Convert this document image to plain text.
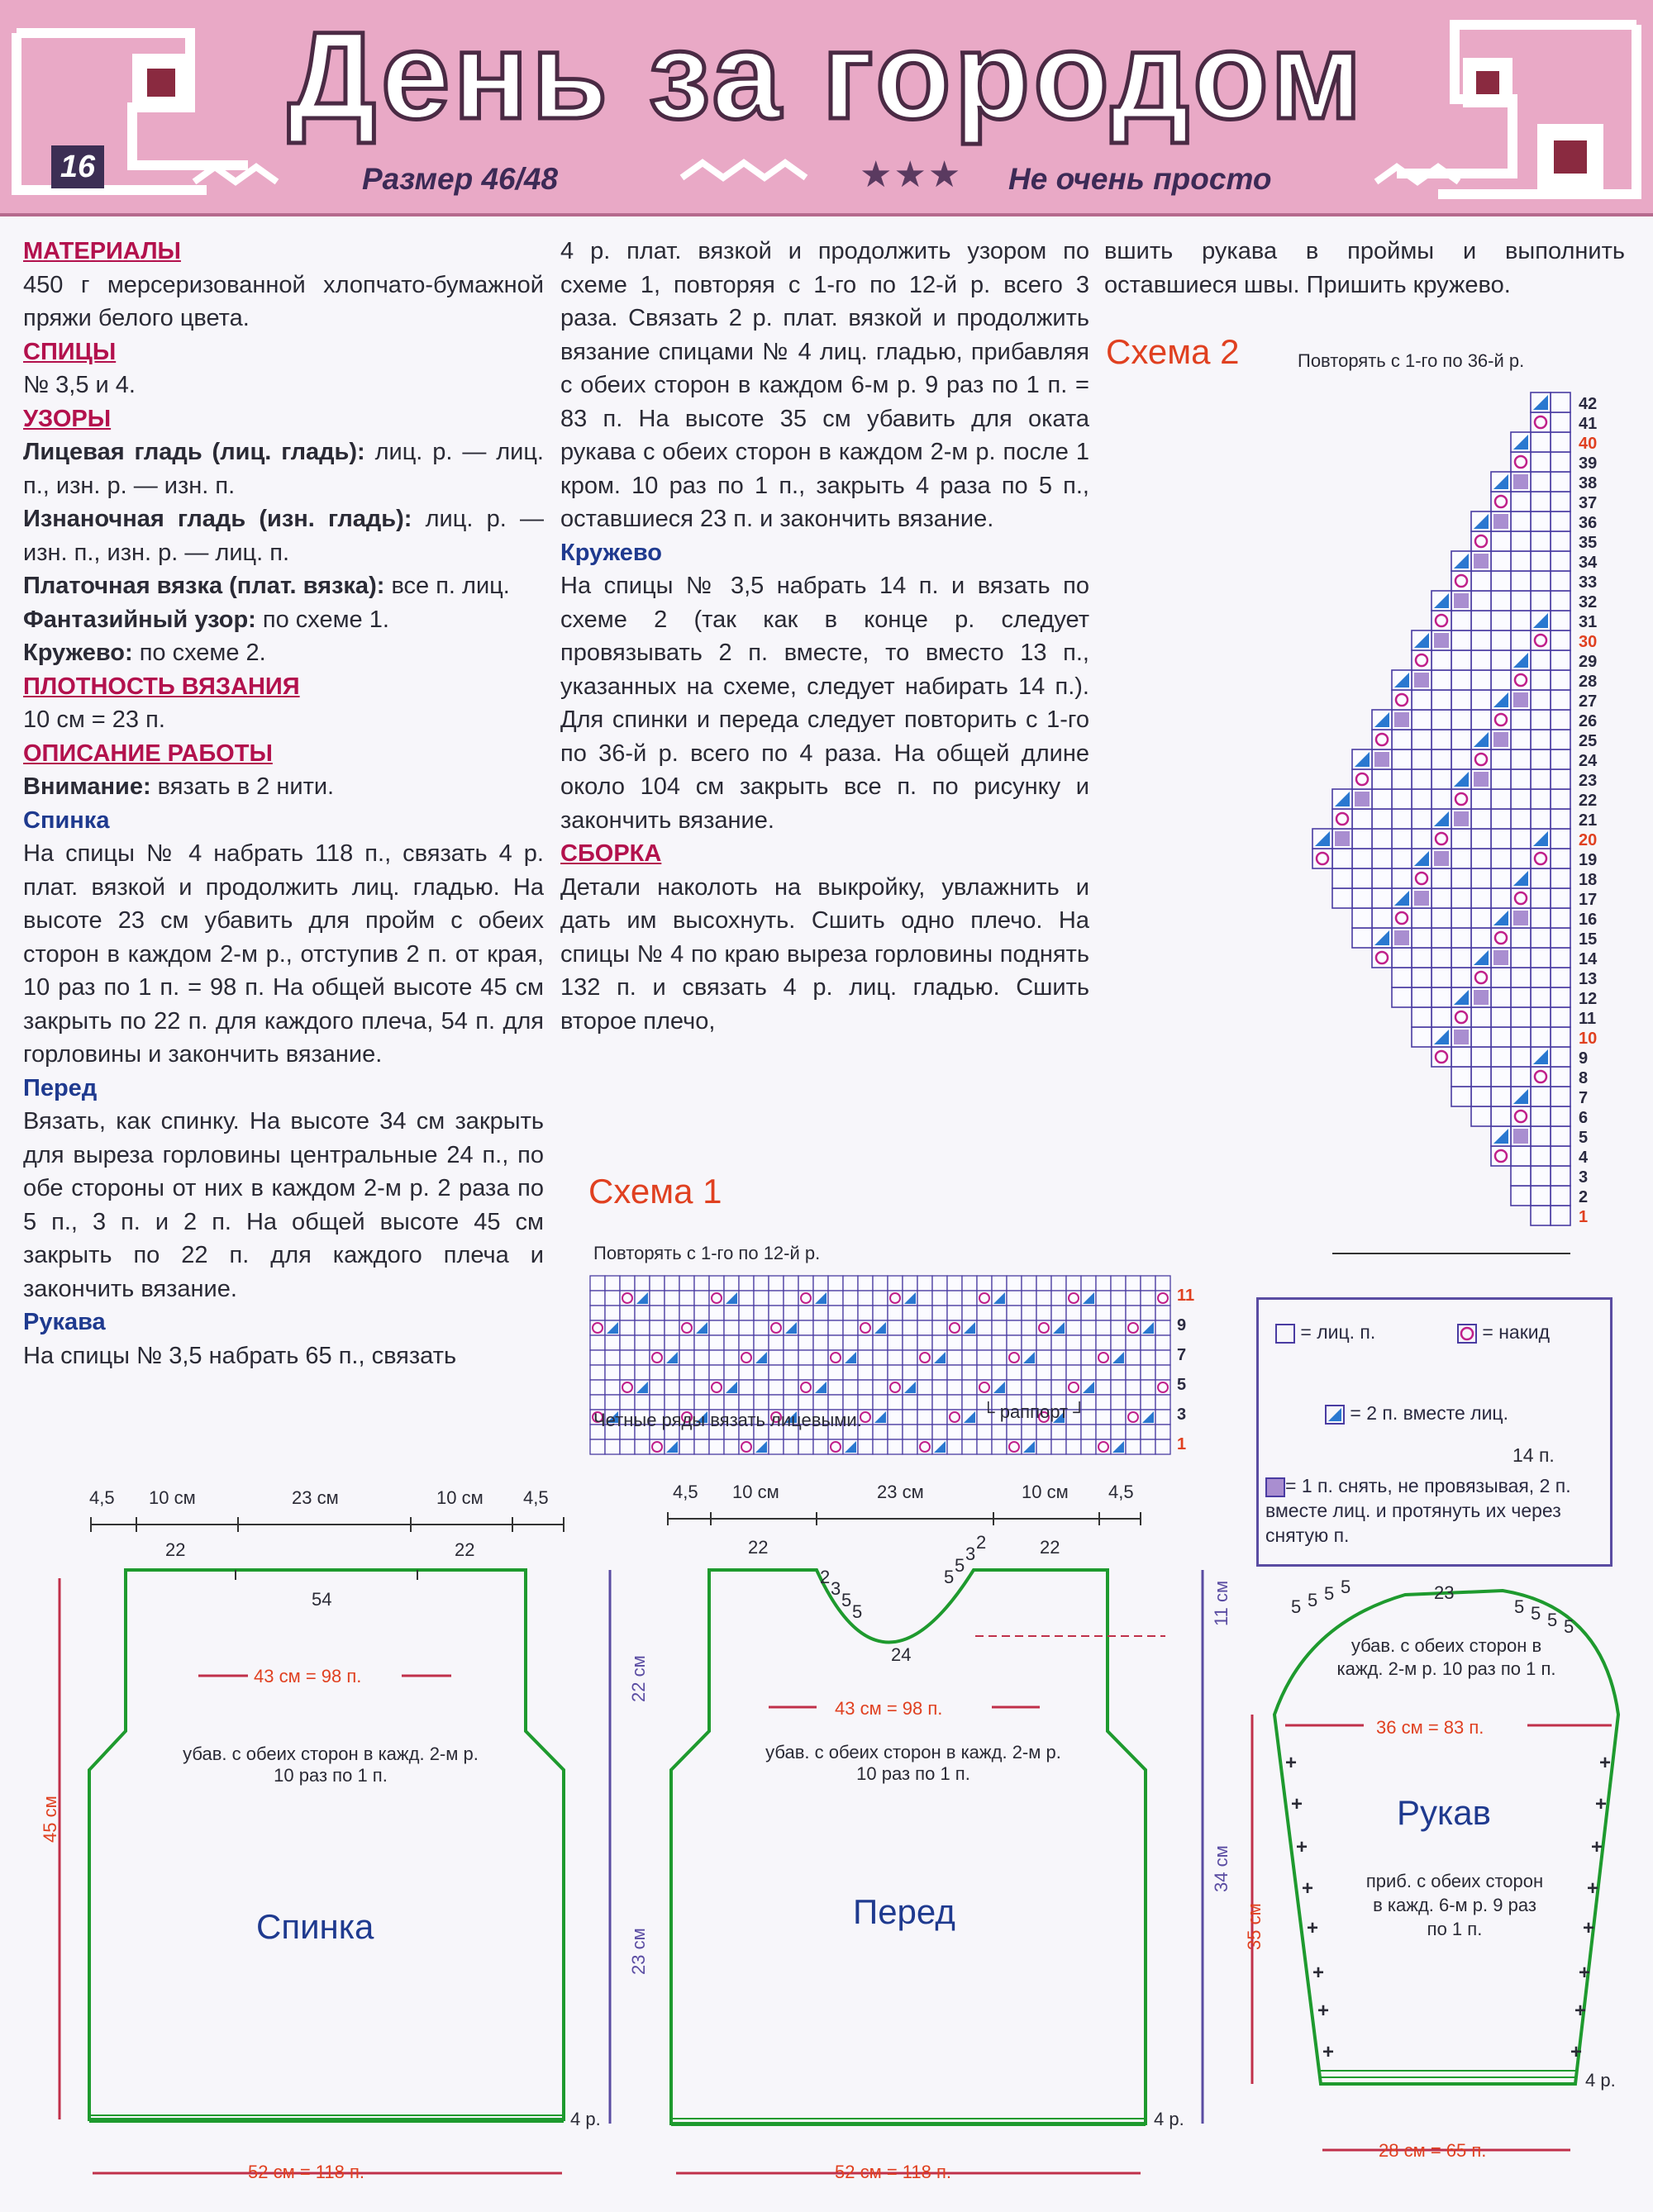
День за городом
16	Размер 46/48	★★★ Не очень просто
МАТЕРИАЛЫ

450 г мерсеризованной хлопчато-бумажной пряжи белого цвета.

СПИЦЫ

№ 3,5 и 4.

УЗОРЫ

Лицевая гладь (лиц. гладь): лиц. р. — лиц. п., изн. р. — изн. п.

Изнаночная гладь (изн. гладь): лиц. р. — изн. п., изн. р. — лиц. п.

Платочная вязка (плат. вязка): все п. лиц.

Фантазийный узор: по схеме 1.

Кружево: по схеме 2.

ПЛОТНОСТЬ ВЯЗАНИЯ

10 см = 23 п.

ОПИСАНИЕ РАБОТЫ

Внимание: вязать в 2 нити.

Спинка

На спицы № 4 набрать 118 п., связать 4 р. плат. вязкой и продолжить лиц. гладью. На высоте 23 см убавить для пройм с обеих сторон в каждом 2-м р., отступив 2 п. от края, 10 раз по 1 п. = 98 п. На общей высоте 45 см закрыть по 22 п. для каждого плеча, 54 п. для горловины и закончить вязание.

Перед

Вязать, как спинку. На высоте 34 см закрыть для выреза горловины центральные 24 п., по обе стороны от них в каждом 2-м р. 2 раза по 5 п., 3 п. и 2 п. На общей высоте 45 см закрыть по 22 п. для каждого плеча и закончить вязание.

Рукава

На спицы № 3,5 набрать 65 п., связать

4 р. плат. вязкой и продолжить узором по схеме 1, повторяя с 1-го по 12-й р. всего 3 раза. Связать 2 р. плат. вязкой и продолжить вязание спицами № 4 лиц. гладью, прибавляя с обеих сторон в каждом 6-м р. 9 раз по 1 п. = 83 п. На высоте 35 см убавить для оката рукава с обеих сторон в каждом 2-м р. после 1 кром. 10 раз по 1 п., закрыть 4 раза по 5 п., оставшиеся 23 п. и закончить вязание.

Кружево

На спицы № 3,5 набрать 14 п. и вязать по схеме 2 (так как в конце р. следует провязывать 2 п. вместе, то вместо 13 п., указанных на схеме, следует набирать 14 п.). Для спинки и переда следует повторить с 1-го по 36-й р. всего по 4 раза. На общей длине около 104 см закрыть все п. по рисунку и закончить вязание.

СБОРКА

Детали наколоть на выкройку, увлажнить и дать им высохнуть. Сшить одно плечо. На спицы № 4 по краю выреза горловины поднять 132 п. и связать 4 р. лиц. гладью. Сшить второе плечо,

вшить рукава в проймы и выполнить оставшиеся швы. Пришить кружево.

Схема 2	Повторять с 1-го по 36-й р.
1
2
3
4
5
6
7
8
9
10
11
12
13
14
15
16
17
18
19
20
21
22
23
24
25
26
27
28
29
30
31
32
33
34
35
36
37
38
39
40
41
42
Схема 1
Повторять с 1-го по 12-й р.
11
9
7
5
3
1
Четные ряды вязать лицевыми.	└ раппорт ┘
= лиц. п.	= накид
= 2 п. вместе лиц.
= 1 п. снять, не провязывая, 2 п. вместе лиц. и протянуть их через снятую п.
4,5 10 см	23 см	10 см 4,5
22	22
54
43 см = 98 п.
убав. с обеих сторон в кажд. 2-м р. 10 раз по 1 п.
Спинка
45 см
52 см = 118 п.
4 р.
4,5 10 см	23 см	10 см 4,5
22	22
24
2
3
5
5
5
5
3
2
43 см = 98 п.
убав. с обеих сторон в кажд. 2-м р. 10 раз по 1 п.
Перед
22 см
23 см
11 см
34 см
52 см = 118 п.
4 р.
23
5 5 5 5
5 5 5 5
убав. с обеих сторон в кажд. 2-м р. 10 раз по 1 п.
36 см = 83 п.
Рукав
приб. с обеих сторон в кажд. 6-м р. 9 раз по 1 п.
35 см
28 см = 65 п.
4 р.
+
+
+
+
+
+
+
+
+
+
+
+
+
+
+
+
14 п.
